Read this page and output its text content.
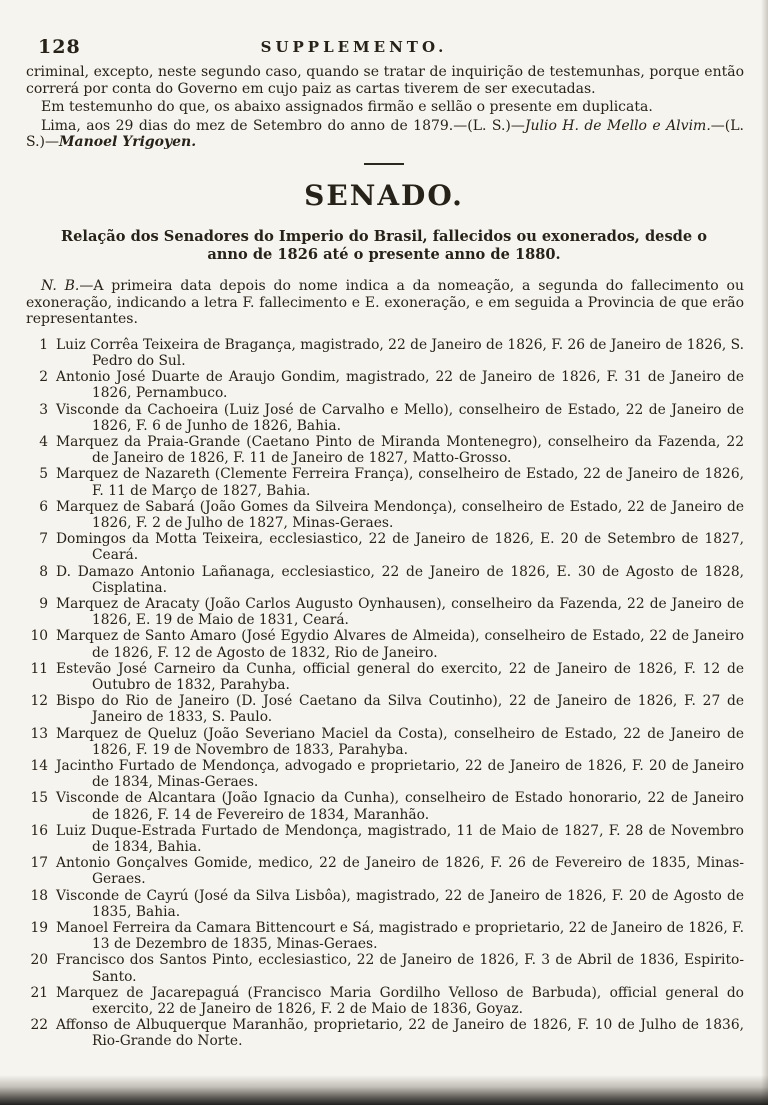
128	SUPPLEMENTO.

criminal, excepto, neste segundo caso, quando se tratar de inquirição de testemunhas, porque então correrá por conta do Governo em cujo paiz as cartas tiverem de ser executadas.

Em testemunho do que, os abaixo assignados firmão e sellão o presente em duplicata.

Lima, aos 29 dias do mez de Setembro do anno de 1879.—(L. S.)—Julio H. de Mello e Alvim.—(L. S.)—Manoel Yrigoyen.

SENADO.
Relação dos Senadores do Imperio do Brasil, fallecidos ou exonerados, desde o anno de 1826 até o presente anno de 1880.

N. B.—A primeira data depois do nome indica a da nomeação, a segunda do fallecimento ou exoneração, indicando a letra F. fallecimento e E. exoneração, e em seguida a Provincia de que erão representantes.

1 Luiz Corrêa Teixeira de Bragança, magistrado, 22 de Janeiro de 1826, F. 26 de Janeiro de 1826, S. Pedro do Sul.
2 Antonio José Duarte de Araujo Gondim, magistrado, 22 de Janeiro de 1826, F. 31 de Janeiro de 1826, Pernambuco.
3 Visconde da Cachoeira (Luiz José de Carvalho e Mello), conselheiro de Estado, 22 de Janeiro de 1826, F. 6 de Junho de 1826, Bahia.
4 Marquez da Praia-Grande (Caetano Pinto de Miranda Montenegro), conselheiro da Fazenda, 22 de Janeiro de 1826, F. 11 de Janeiro de 1827, Matto-Grosso.
5 Marquez de Nazareth (Clemente Ferreira França), conselheiro de Estado, 22 de Janeiro de 1826, F. 11 de Março de 1827, Bahia.
6 Marquez de Sabará (João Gomes da Silveira Mendonça), conselheiro de Estado, 22 de Janeiro de 1826, F. 2 de Julho de 1827, Minas-Geraes.
7 Domingos da Motta Teixeira, ecclesiastico, 22 de Janeiro de 1826, E. 20 de Setembro de 1827, Ceará.
8 D. Damazo Antonio Lañanaga, ecclesiastico, 22 de Janeiro de 1826, E. 30 de Agosto de 1828, Cisplatina.
9 Marquez de Aracaty (João Carlos Augusto Oynhausen), conselheiro da Fazenda, 22 de Janeiro de 1826, E. 19 de Maio de 1831, Ceará.
10 Marquez de Santo Amaro (José Egydio Alvares de Almeida), conselheiro de Estado, 22 de Janeiro de 1826, F. 12 de Agosto de 1832, Rio de Janeiro.
11 Estevão José Carneiro da Cunha, official general do exercito, 22 de Janeiro de 1826, F. 12 de Outubro de 1832, Parahyba.
12 Bispo do Rio de Janeiro (D. José Caetano da Silva Coutinho), 22 de Janeiro de 1826, F. 27 de Janeiro de 1833, S. Paulo.
13 Marquez de Queluz (João Severiano Maciel da Costa), conselheiro de Estado, 22 de Janeiro de 1826, F. 19 de Novembro de 1833, Parahyba.
14 Jacintho Furtado de Mendonça, advogado e proprietario, 22 de Janeiro de 1826, F. 20 de Janeiro de 1834, Minas-Geraes.
15 Visconde de Alcantara (João Ignacio da Cunha), conselheiro de Estado honorario, 22 de Janeiro de 1826, F. 14 de Fevereiro de 1834, Maranhão.
16 Luiz Duque-Estrada Furtado de Mendonça, magistrado, 11 de Maio de 1827, F. 28 de Novembro de 1834, Bahia.
17 Antonio Gonçalves Gomide, medico, 22 de Janeiro de 1826, F. 26 de Fevereiro de 1835, Minas-Geraes.
18 Visconde de Cayrú (José da Silva Lisbôa), magistrado, 22 de Janeiro de 1826, F. 20 de Agosto de 1835, Bahia.
19 Manoel Ferreira da Camara Bittencourt e Sá, magistrado e proprietario, 22 de Janeiro de 1826, F. 13 de Dezembro de 1835, Minas-Geraes.
20 Francisco dos Santos Pinto, ecclesiastico, 22 de Janeiro de 1826, F. 3 de Abril de 1836, Espirito-Santo.
21 Marquez de Jacarepaguá (Francisco Maria Gordilho Velloso de Barbuda), official general do exercito, 22 de Janeiro de 1826, F. 2 de Maio de 1836, Goyaz.
22 Affonso de Albuquerque Maranhão, proprietario, 22 de Janeiro de 1826, F. 10 de Julho de 1836, Rio-Grande do Norte.
